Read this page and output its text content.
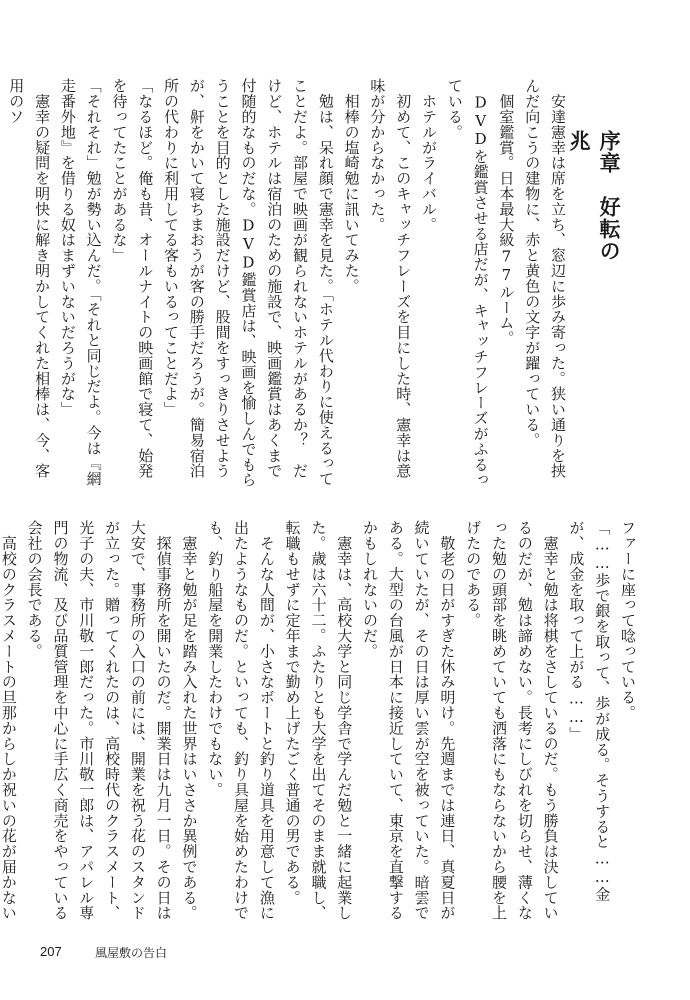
序章　好転の兆

　安達憲幸は席を立ち、窓辺に歩み寄った。狭い通りを挟んだ向こうの建物に、赤と黄色の文字が躍っている。

　個室鑑賞。日本最大級77ルーム。

　DVDを鑑賞させる店だが、キャッチフレーズがふるっている。

　ホテルがライバル。

　初めて、このキャッチフレーズを目にした時、憲幸は意味が分からなかった。

　相棒の塩崎勉に訊いてみた。

　勉は、呆れ顔で憲幸を見た。「ホテル代わりに使えるってことだよ。部屋で映画が観られないホテルがあるか？　だけど、ホテルは宿泊のための施設で、映画鑑賞はあくまで付随的なものだな。DVD鑑賞店は、映画を愉しんでもらうことを目的とした施設だけど、股間をすっきりさせようが、鼾をかいて寝ちまおうが客の勝手だろうが。簡易宿泊所の代わりに利用してる客もいるってことだよ」

「なるほど。俺も昔、オールナイトの映画館で寝て、始発を待ってたことがあるな」

「それそれ」勉が勢い込んだ。「それと同じだよ。今は『網走番外地』を借りる奴はまずいないだろうがな」

　憲幸の疑問を明快に解き明かしてくれた相棒は、今、客用のソ

ファーに座って唸っている。

「……歩で銀を取って、歩が成る。そうすると……金が、成金を取って上がる……」

　憲幸と勉は将棋をさしているのだ。もう勝負は決しているのだが、勉は諦めない。長考にしびれを切らせ、薄くなった勉の頭部を眺めていても洒落にもならないから腰を上げたのである。

　敬老の日がすぎた休み明け。先週までは連日、真夏日が続いていたが、その日は厚い雲が空を被っていた。暗雲である。大型の台風が日本に接近していて、東京を直撃するかもしれないのだ。

　憲幸は、高校大学と同じ学舎で学んだ勉と一緒に起業した。歳は六十二。ふたりとも大学を出てそのまま就職し、転職もせずに定年まで勤め上げたごく普通の男である。

　そんな人間が、小さなボートと釣り道具を用意して漁に出たようなものだ。といっても、釣り具屋を始めたわけでも、釣り船屋を開業したわけでもない。

　憲幸と勉が足を踏み入れた世界はいささか異例である。

　探偵事務所を開いたのだ。開業日は九月一日。その日は大安で、事務所の入口の前には、開業を祝う花のスタンドが立った。贈ってくれたのは、高校時代のクラスメート、光子の夫、市川敬一郎だった。市川敬一郎は、アパレル専門の物流、及び品質管理を中心に手広く商売をやっている会社の会長である。

　高校のクラスメートの旦那からしか祝いの花が届かない

207	風屋敷の告白
